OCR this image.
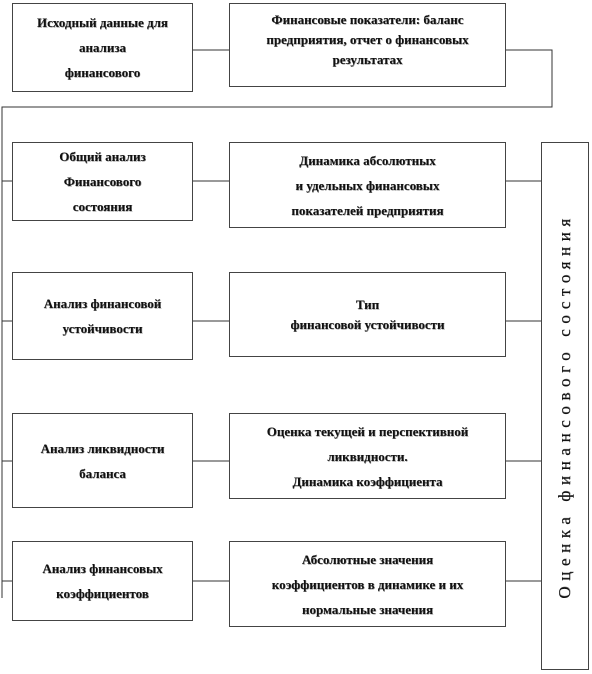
Исходный данные для
анализа
финансового
Общий анализ
Финансового
состояния
Анализ финансовой
устойчивости
Анализ ликвидности
баланса
Анализ финансовых
коэффициентов
Финансовые показатели: баланс
предприятия, отчет о финансовых
результатах
Динамика абсолютных
и удельных финансовых
показателей предприятия
Тип
финансовой устойчивости
Оценка текущей и перспективной
ликвидности.
Динамика коэффициента
Абсолютные значения
коэффициентов в динамике и их
нормальные значения
Оценка финансового состояния
